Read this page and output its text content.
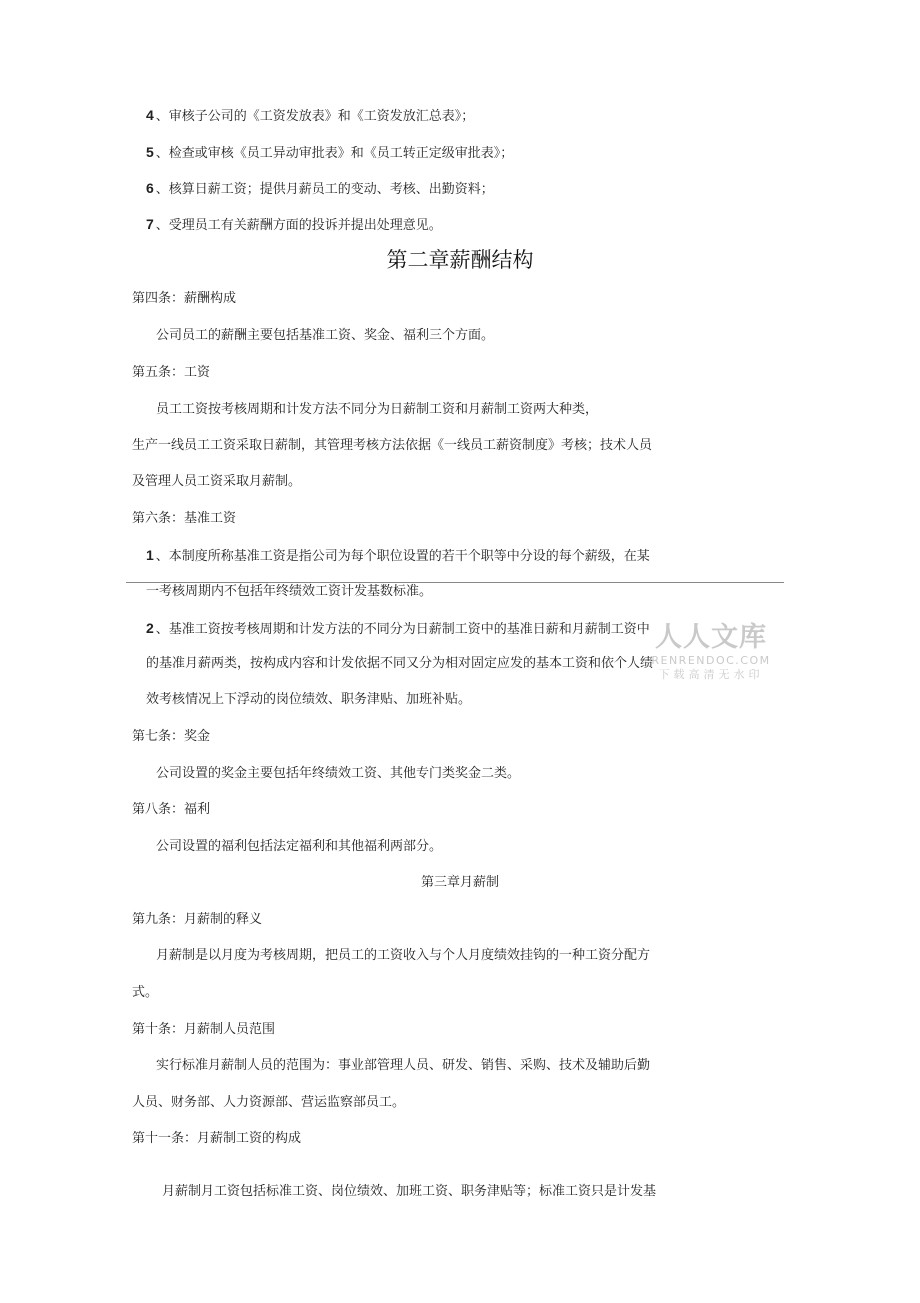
4 、审核子公司的《工资发放表》和《工资发放汇总表》；
5 、检查或审核《员工异动审批表》和《员工转正定级审批表》；
6 、核算日薪工资；提供月薪员工的变动、考核、出勤资料；
7 、受理员工有关薪酬方面的投诉并提出处理意见。
第二章薪酬结构
第四条：薪酬构成
公司员工的薪酬主要包括基准工资、奖金、福利三个方面。
第五条：工资
员工工资按考核周期和计发方法不同分为日薪制工资和月薪制工资两大种类，
生产一线员工工资采取日薪制，其管理考核方法依据《一线员工薪资制度》考核；技术人员
及管理人员工资采取月薪制。
第六条：基准工资
1 、本制度所称基准工资是指公司为每个职位设置的若干个职等中分设的每个薪级，在某
一考核周期内不包括年终绩效工资计发基数标准。
2 、基准工资按考核周期和计发方法的不同分为日薪制工资中的基准日薪和月薪制工资中
的基准月薪两类，按构成内容和计发依据不同又分为相对固定应发的基本工资和依个人绩
效考核情况上下浮动的岗位绩效、职务津贴、加班补贴。
第七条：奖金
公司设置的奖金主要包括年终绩效工资、其他专门类奖金二类。
第八条：福利
公司设置的福利包括法定福利和其他福利两部分。
第三章月薪制
第九条：月薪制的释义
月薪制是以月度为考核周期，把员工的工资收入与个人月度绩效挂钩的一种工资分配方
式。
第十条：月薪制人员范围
实行标准月薪制人员的范围为：事业部管理人员、研发、销售、采购、技术及辅助后勤
人员、财务部、人力资源部、营运监察部员工。
第十一条：月薪制工资的构成
月薪制月工资包括标准工资、岗位绩效、加班工资、职务津贴等；标准工资只是计发基
人人文库
RENRENDOC.COM
下载高清无水印
